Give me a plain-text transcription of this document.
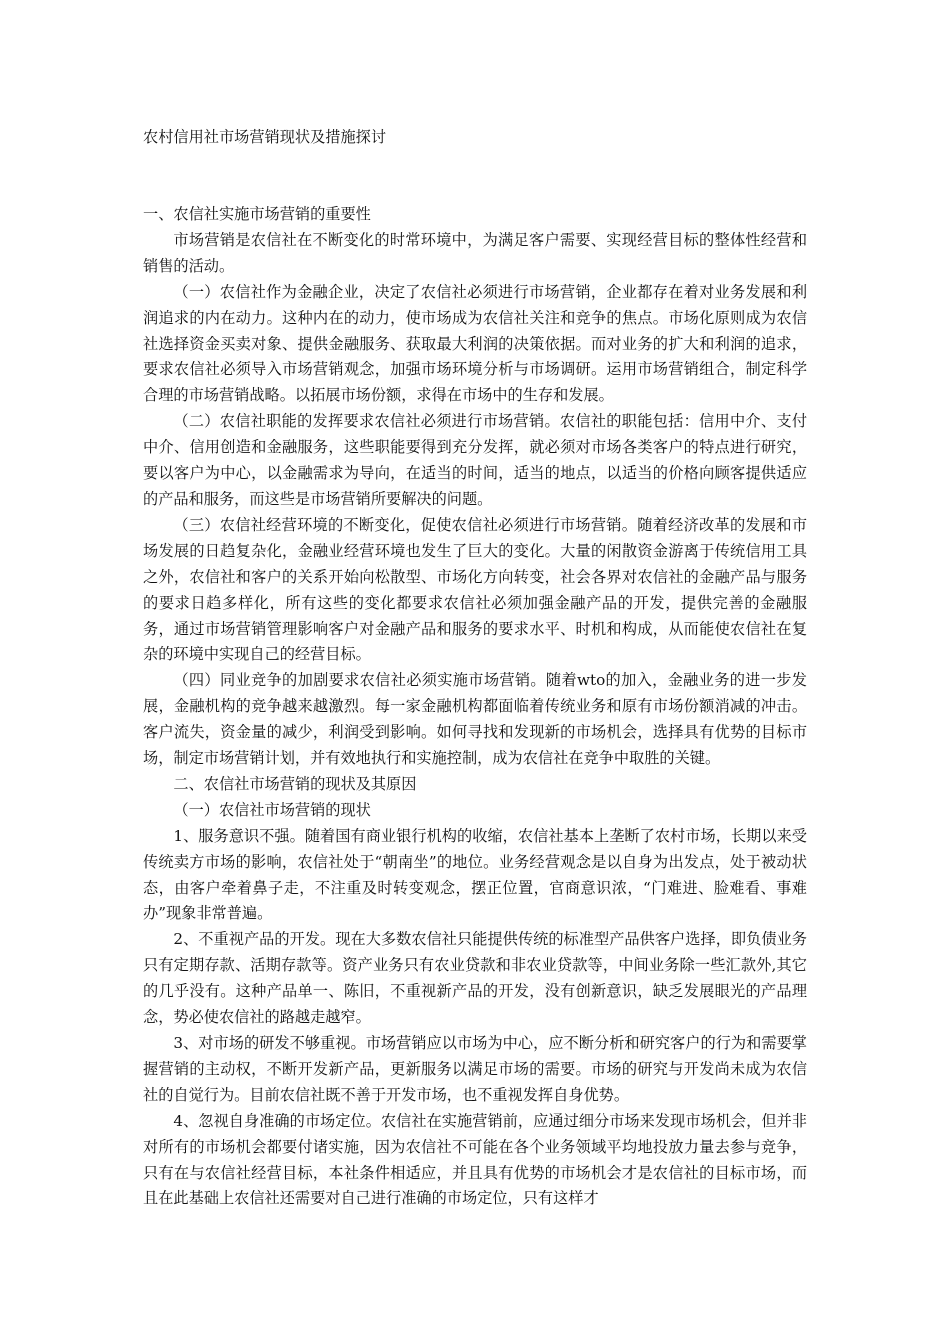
农村信用社市场营销现状及措施探讨

一、农信社实施市场营销的重要性

市场营销是农信社在不断变化的时常环境中，为满足客户需要、实现经营目标的整体性经营和销售的活动。

（一）农信社作为金融企业，决定了农信社必须进行市场营销，企业都存在着对业务发展和利润追求的内在动力。这种内在的动力，使市场成为农信社关注和竞争的焦点。市场化原则成为农信社选择资金买卖对象、提供金融服务、获取最大利润的决策依据。而对业务的扩大和利润的追求，要求农信社必须导入市场营销观念，加强市场环境分析与市场调研。运用市场营销组合，制定科学合理的市场营销战略。以拓展市场份额，求得在市场中的生存和发展。

（二）农信社职能的发挥要求农信社必须进行市场营销。农信社的职能包括：信用中介、支付中介、信用创造和金融服务，这些职能要得到充分发挥，就必须对市场各类客户的特点进行研究，要以客户为中心，以金融需求为导向，在适当的时间，适当的地点，以适当的价格向顾客提供适应的产品和服务，而这些是市场营销所要解决的问题。

（三）农信社经营环境的不断变化，促使农信社必须进行市场营销。随着经济改革的发展和市场发展的日趋复杂化，金融业经营环境也发生了巨大的变化。大量的闲散资金游离于传统信用工具之外，农信社和客户的关系开始向松散型、市场化方向转变，社会各界对农信社的金融产品与服务的要求日趋多样化，所有这些的变化都要求农信社必须加强金融产品的开发，提供完善的金融服务，通过市场营销管理影响客户对金融产品和服务的要求水平、时机和构成，从而能使农信社在复杂的环境中实现自己的经营目标。

（四）同业竞争的加剧要求农信社必须实施市场营销。随着wto的加入，金融业务的进一步发展，金融机构的竞争越来越激烈。每一家金融机构都面临着传统业务和原有市场份额消减的冲击。客户流失，资金量的减少，利润受到影响。如何寻找和发现新的市场机会，选择具有优势的目标市场，制定市场营销计划，并有效地执行和实施控制，成为农信社在竞争中取胜的关键。

二、农信社市场营销的现状及其原因

（一）农信社市场营销的现状

1、服务意识不强。随着国有商业银行机构的收缩，农信社基本上垄断了农村市场，长期以来受传统卖方市场的影响，农信社处于“朝南坐”的地位。业务经营观念是以自身为出发点，处于被动状态，由客户牵着鼻子走，不注重及时转变观念，摆正位置，官商意识浓，“门难进、脸难看、事难办”现象非常普遍。

2、不重视产品的开发。现在大多数农信社只能提供传统的标准型产品供客户选择，即负债业务只有定期存款、活期存款等。资产业务只有农业贷款和非农业贷款等，中间业务除一些汇款外,其它的几乎没有。这种产品单一、陈旧，不重视新产品的开发，没有创新意识，缺乏发展眼光的产品理念，势必使农信社的路越走越窄。

3、对市场的研发不够重视。市场营销应以市场为中心，应不断分析和研究客户的行为和需要掌握营销的主动权，不断开发新产品，更新服务以满足市场的需要。市场的研究与开发尚未成为农信社的自觉行为。目前农信社既不善于开发市场，也不重视发挥自身优势。

4、忽视自身准确的市场定位。农信社在实施营销前，应通过细分市场来发现市场机会，但并非对所有的市场机会都要付诸实施，因为农信社不可能在各个业务领域平均地投放力量去参与竞争，只有在与农信社经营目标，本社条件相适应，并且具有优势的市场机会才是农信社的目标市场，而且在此基础上农信社还需要对自己进行准确的市场定位，只有这样才
